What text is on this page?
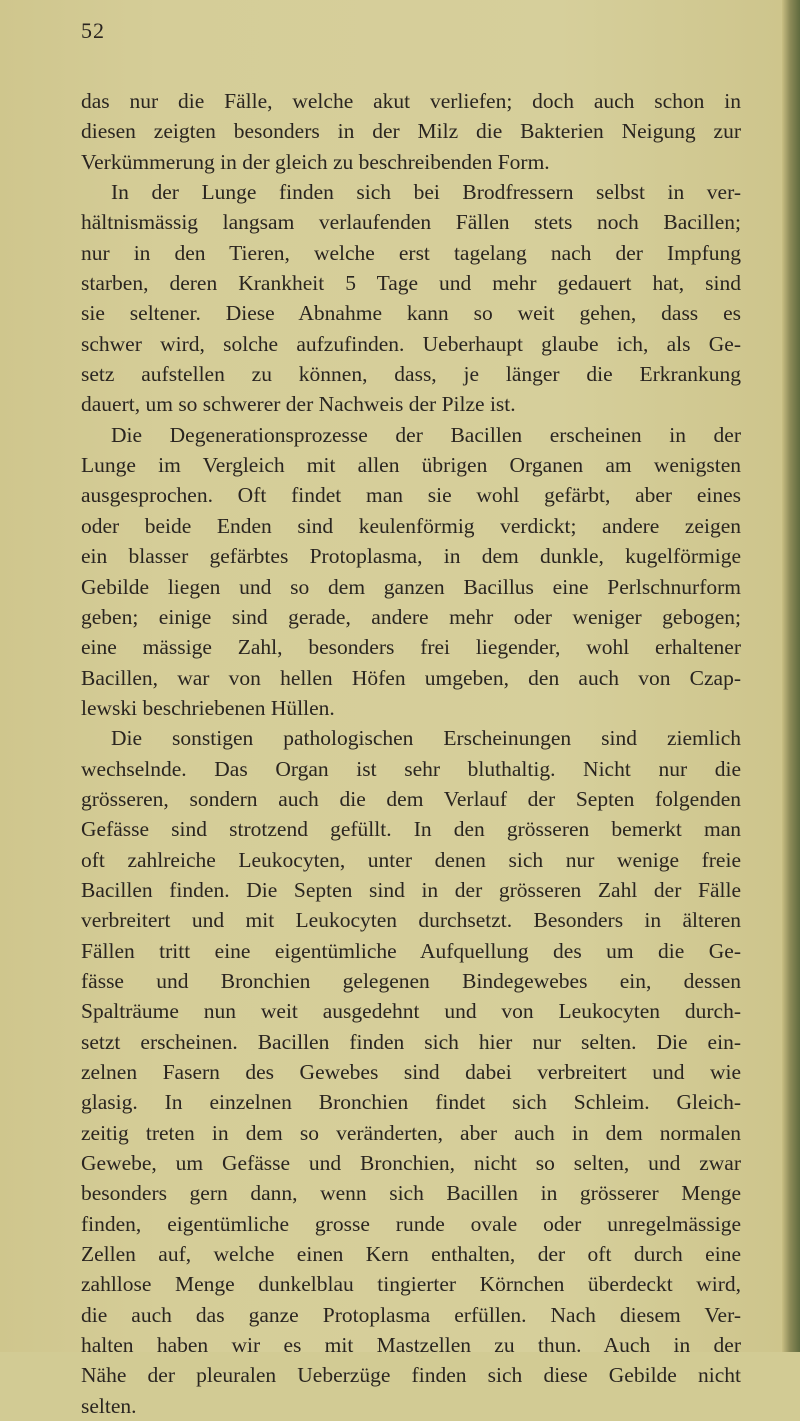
52
das nur die Fälle, welche akut verliefen; doch auch schon in
diesen zeigten besonders in der Milz die Bakterien Neigung zur
Verkümmerung in der gleich zu beschreibenden Form.
In der Lunge finden sich bei Brodfressern selbst in ver-
hältnismässig langsam verlaufenden Fällen stets noch Bacillen;
nur in den Tieren, welche erst tagelang nach der Impfung
starben, deren Krankheit 5 Tage und mehr gedauert hat, sind
sie seltener. Diese Abnahme kann so weit gehen, dass es
schwer wird, solche aufzufinden. Ueberhaupt glaube ich, als Ge-
setz aufstellen zu können, dass, je länger die Erkrankung
dauert, um so schwerer der Nachweis der Pilze ist.
Die Degenerationsprozesse der Bacillen erscheinen in der
Lunge im Vergleich mit allen übrigen Organen am wenigsten
ausgesprochen. Oft findet man sie wohl gefärbt, aber eines
oder beide Enden sind keulenförmig verdickt; andere zeigen
ein blasser gefärbtes Protoplasma, in dem dunkle, kugelförmige
Gebilde liegen und so dem ganzen Bacillus eine Perlschnurform
geben; einige sind gerade, andere mehr oder weniger gebogen;
eine mässige Zahl, besonders frei liegender, wohl erhaltener
Bacillen, war von hellen Höfen umgeben, den auch von Czap-
lewski beschriebenen Hüllen.
Die sonstigen pathologischen Erscheinungen sind ziemlich
wechselnde. Das Organ ist sehr bluthaltig. Nicht nur die
grösseren, sondern auch die dem Verlauf der Septen folgenden
Gefässe sind strotzend gefüllt. In den grösseren bemerkt man
oft zahlreiche Leukocyten, unter denen sich nur wenige freie
Bacillen finden. Die Septen sind in der grösseren Zahl der Fälle
verbreitert und mit Leukocyten durchsetzt. Besonders in älteren
Fällen tritt eine eigentümliche Aufquellung des um die Ge-
fässe und Bronchien gelegenen Bindegewebes ein, dessen
Spalträume nun weit ausgedehnt und von Leukocyten durch-
setzt erscheinen. Bacillen finden sich hier nur selten. Die ein-
zelnen Fasern des Gewebes sind dabei verbreitert und wie
glasig. In einzelnen Bronchien findet sich Schleim. Gleich-
zeitig treten in dem so veränderten, aber auch in dem normalen
Gewebe, um Gefässe und Bronchien, nicht so selten, und zwar
besonders gern dann, wenn sich Bacillen in grösserer Menge
finden, eigentümliche grosse runde ovale oder unregelmässige
Zellen auf, welche einen Kern enthalten, der oft durch eine
zahllose Menge dunkelblau tingierter Körnchen überdeckt wird,
die auch das ganze Protoplasma erfüllen. Nach diesem Ver-
halten haben wir es mit Mastzellen zu thun. Auch in der
Nähe der pleuralen Ueberzüge finden sich diese Gebilde nicht
selten.
